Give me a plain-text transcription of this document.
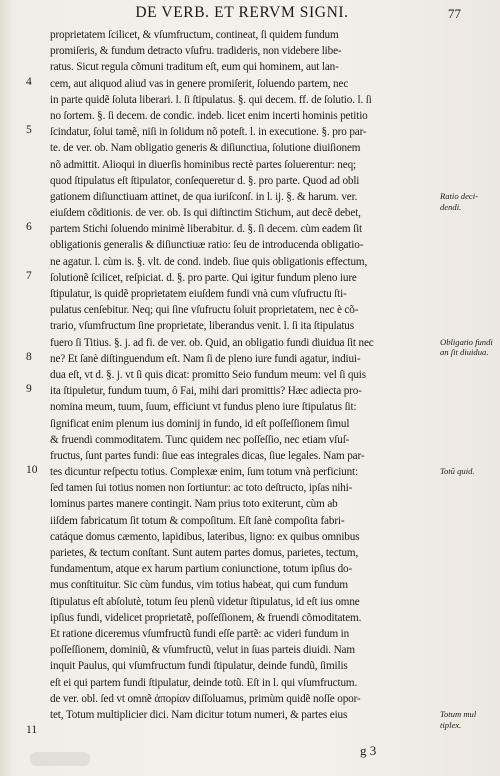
DE VERB. ET RERVM SIGNI.	77
proprietatem ſcilicet, & vſumfructum, contineat, ſi quidem fundum
promiſeris, & fundum detracto vſufru. tradideris, non videbere libe-
ratus. Sicut regula cõmuni traditum eſt, eum qui hominem, aut lan-
cem, aut aliquod aliud vas in genere promiſerit, ſoluendo partem, nec
in parte quidẽ ſoluta liberari. l. ſi ſtipulatus. §. qui decem. ff. de ſolutio. l. ſi
no ſortem. §. ſi decem. de condic. indeb. licet enim incerti hominis petitio
ſcindatur, ſolui tamẽ, niſi in ſolidum nõ poteſt. l. in executione. §. pro par-
te. de ver. ob. Nam obligatio generis & diſiunctiua, ſolutione diuiſionem
nõ admittit. Alioqui in diuerſis hominibus rectè partes ſoluerentur: neq;
quod ſtipulatus eſt ſtipulator, conſequeretur d. §. pro parte. Quod ad obli
gationem diſiunctiuam attinet, de qua iuriſconſ. in l. ij. §. & harum. ver.
eiuſdem cõditionis. de ver. ob. Is qui diſtinctim Stichum, aut decẽ debet,
partem Stichi ſoluendo minimè liberabitur. d. §. ſi decem. cùm eadem ſit
obligationis generalis & diſiunctiuæ ratio: ſeu de introducenda obligatio-
ne agatur. l. cùm is. §. vlt. de cond. indeb. ſiue quis obligationis effectum,
ſolutionẽ ſcilicet, reſpiciat. d. §. pro parte. Qui igitur fundum pleno iure
ſtipulatur, is quidẽ proprietatem eiuſdem fundi vnà cum vſufructu ſti-
pulatus cenſebitur. Neq; qui ſine vſufructu ſoluit proprietatem, nec è cõ-
trario, vſumfructum ſine proprietate, liberandus venit. l. ſi ita ſtipulatus
fuero ſi Titius. §. j. ad fi. de ver. ob. Quid, an obligatio fundi diuidua ſit nec
ne? Et ſanè diſtinguendum eſt. Nam ſi de pleno iure fundi agatur, indiui-
dua eſt, vt d. §. j. vt ſi quis dicat: promitto Seio fundum meum: vel ſi quis
ita ſtipuletur, fundum tuum, ô Fai, mihi dari promittis? Hæc adiecta pro-
nomina meum, tuum, ſuum, efficiunt vt fundus pleno iure ſtipulatus ſit:
ſignificat enim plenum ius dominij in fundo, id eſt poſſeſſionem ſimul
& fruendi commoditatem. Tunc quidem nec poſſeſſio, nec etiam vſuſ-
fructus, ſunt partes fundi: ſiue eas integrales dicas, ſiue legales. Nam par-
tes dicuntur reſpectu totius. Complexæ enim, ſum totum vnà perficiunt:
ſed tamen ſui totius nomen non ſortiuntur: ac toto deſtructo, ipſas nihi-
lominus partes manere contingit. Nam prius toto exiterunt, cùm ab
iiſdem fabricatum ſit totum & compoſitum. Eſt ſanè compoſita fabri-
catáque domus cæmento, lapidibus, lateribus, ligno: ex quibus omnibus
parietes, & tectum conſtant. Sunt autem partes domus, parietes, tectum,
fundamentum, atque ex harum partium coniunctione, totum ipſius do-
mus conſtituitur. Sic cùm fundus, vim totius habeat, qui cum fundum
ſtipulatus eſt abſolutè, totum ſeu plenũ videtur ſtipulatus, id eſt ius omne
ipſius fundi, videlicet proprietatẽ, poſſeſſionem, & fruendi cõmoditatem.
Et ratione diceremus vſumfructũ fundi eſſe partẽ: ac videri fundum in
poſſeſſionem, dominiũ, & vſumfructũ, velut in ſuas parteis diuidi. Nam
inquit Paulus, qui vſumfructum fundi ſtipulatur, deinde fundũ, ſimilis
eſt ei qui partem fundi ſtipulatur, deinde totũ. Eſt in l. qui vſumfructum.
de ver. obl. ſed vt omnẽ ἀπορίαν diſſoluamus, primùm quidẽ noſſe opor-
tet, Totum multiplicier dici. Nam dicitur totum numeri, & partes eius
4
5
6
7
8
9
10
11
Ratio deci- dendi.
Obligatio fundi an ſit diuidua.
Totũ quid.
Totum mul tiplex.
g 3
